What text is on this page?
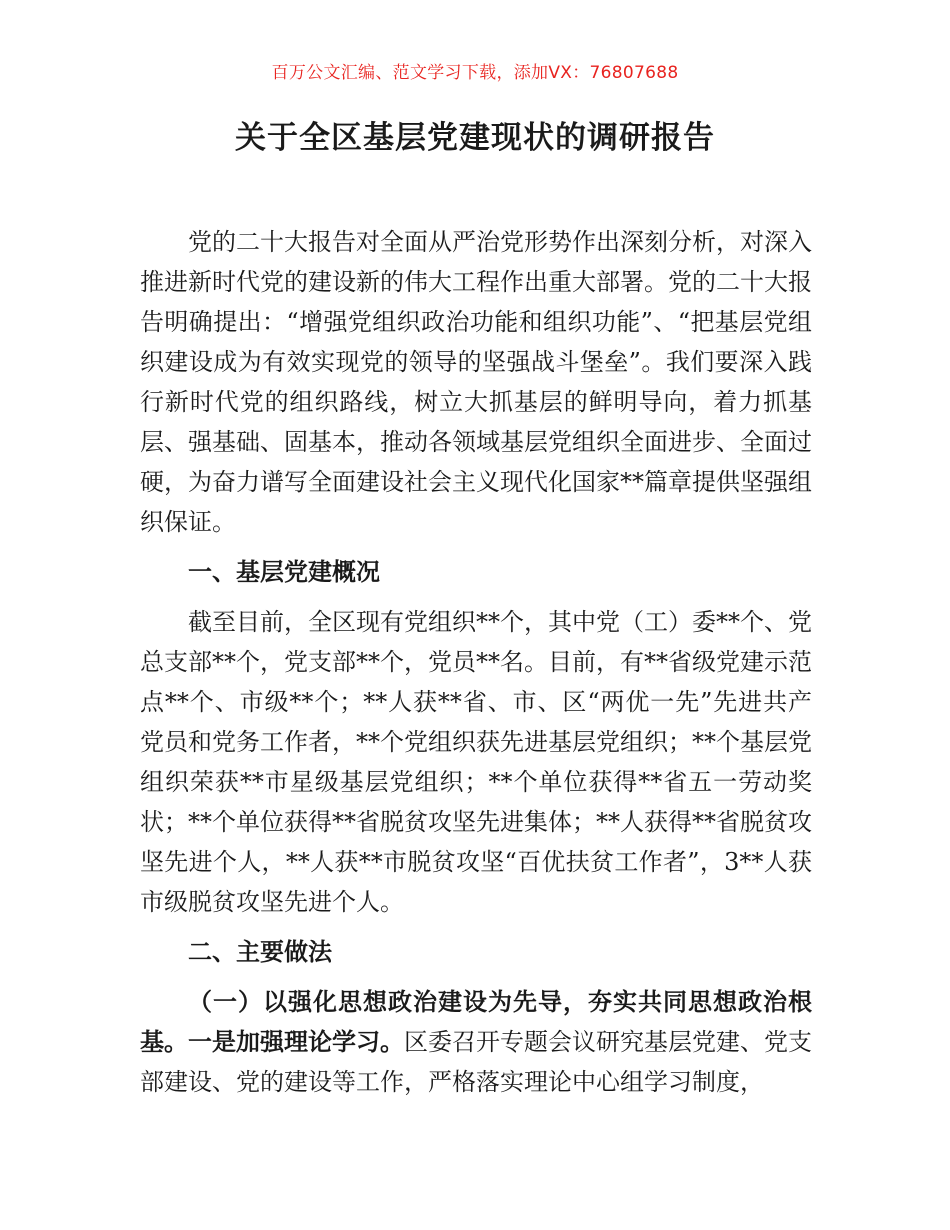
百万公文汇编、范文学习下载，添加VX：76807688
关于全区基层党建现状的调研报告

党的二十大报告对全面从严治党形势作出深刻分析，对深入推进新时代党的建设新的伟大工程作出重大部署。党的二十大报告明确提出：“增强党组织政治功能和组织功能”、“把基层党组织建设成为有效实现党的领导的坚强战斗堡垒”。我们要深入践行新时代党的组织路线，树立大抓基层的鲜明导向，着力抓基层、强基础、固基本，推动各领域基层党组织全面进步、全面过硬，为奋力谱写全面建设社会主义现代化国家**篇章提供坚强组织保证。

一、基层党建概况

截至目前，全区现有党组织**个，其中党（工）委**个、党总支部**个，党支部**个，党员**名。目前，有**省级党建示范点**个、市级**个；**人获**省、市、区“两优一先”先进共产党员和党务工作者，**个党组织获先进基层党组织；**个基层党组织荣获**市星级基层党组织；**个单位获得**省五一劳动奖状；**个单位获得**省脱贫攻坚先进集体；**人获得**省脱贫攻坚先进个人，**人获**市脱贫攻坚“百优扶贫工作者”，3**人获市级脱贫攻坚先进个人。

二、主要做法

（一）以强化思想政治建设为先导，夯实共同思想政治根基。一是加强理论学习。区委召开专题会议研究基层党建、党支部建设、党的建设等工作，严格落实理论中心组学习制度，
